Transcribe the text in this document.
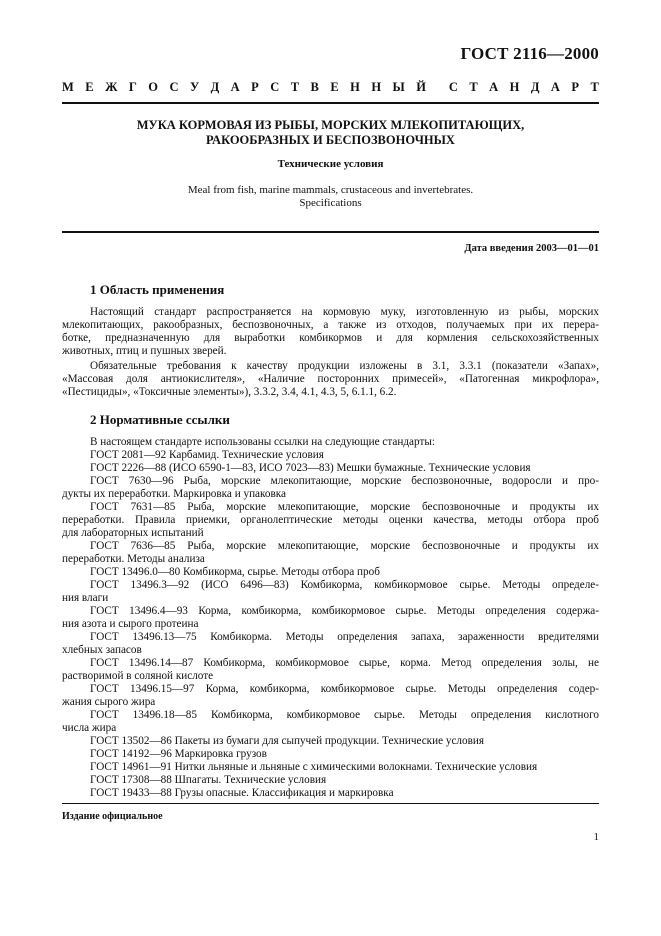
ГОСТ 2116—2000
М Е Ж Г О С У Д А Р С Т В Е Н Н Ы Й С Т А Н Д А Р Т
МУКА КОРМОВАЯ ИЗ РЫБЫ, МОРСКИХ МЛЕКОПИТАЮЩИХ,
РАКООБРАЗНЫХ И БЕСПОЗВОНОЧНЫХ
Технические условия
Meal from fish, marine mammals, crustaceous and invertebrates.
Specifications
Дата введения 2003—01—01
1 Область применения
Настоящий стандарт распространяется на кормовую муку, изготовленную из рыбы, морских
млекопитающих, ракообразных, беспозвоночных, а также из отходов, получаемых при их перера-
ботке, предназначенную для выработки комбикормов и для кормления сельскохозяйственных
животных, птиц и пушных зверей.
Обязательные требования к качеству продукции изложены в 3.1, 3.3.1 (показатели «Запах»,
«Массовая доля антиокислителя», «Наличие посторонних примесей», «Патогенная микрофлора»,
«Пестициды», «Токсичные элементы»), 3.3.2, 3.4, 4.1, 4.3, 5, 6.1.1, 6.2.
2 Нормативные ссылки
В настоящем стандарте использованы ссылки на следующие стандарты:
ГОСТ 2081—92 Карбамид. Технические условия
ГОСТ 2226—88 (ИСО 6590-1—83, ИСО 7023—83) Мешки бумажные. Технические условия
ГОСТ 7630—96 Рыба, морские млекопитающие, морские беспозвоночные, водоросли и про-
дукты их переработки. Маркировка и упаковка
ГОСТ 7631—85 Рыба, морские млекопитающие, морские беспозвоночные и продукты их
переработки. Правила приемки, органолептические методы оценки качества, методы отбора проб
для лабораторных испытаний
ГОСТ 7636—85 Рыба, морские млекопитающие, морские беспозвоночные и продукты их
переработки. Методы анализа
ГОСТ 13496.0—80 Комбикорма, сырье. Методы отбора проб
ГОСТ 13496.3—92 (ИСО 6496—83) Комбикорма, комбикормовое сырье. Методы определе-
ния влаги
ГОСТ 13496.4—93 Корма, комбикорма, комбикормовое сырье. Методы определения содержа-
ния азота и сырого протеина
ГОСТ 13496.13—75 Комбикорма. Методы определения запаха, зараженности вредителями
хлебных запасов
ГОСТ 13496.14—87 Комбикорма, комбикормовое сырье, корма. Метод определения золы, не
растворимой в соляной кислоте
ГОСТ 13496.15—97 Корма, комбикорма, комбикормовое сырье. Методы определения содер-
жания сырого жира
ГОСТ 13496.18—85 Комбикорма, комбикормовое сырье. Методы определения кислотного
числа жира
ГОСТ 13502—86 Пакеты из бумаги для сыпучей продукции. Технические условия
ГОСТ 14192—96 Маркировка грузов
ГОСТ 14961—91 Нитки льняные и льняные с химическими волокнами. Технические условия
ГОСТ 17308—88 Шпагаты. Технические условия
ГОСТ 19433—88 Грузы опасные. Классификация и маркировка
Издание официальное
1
